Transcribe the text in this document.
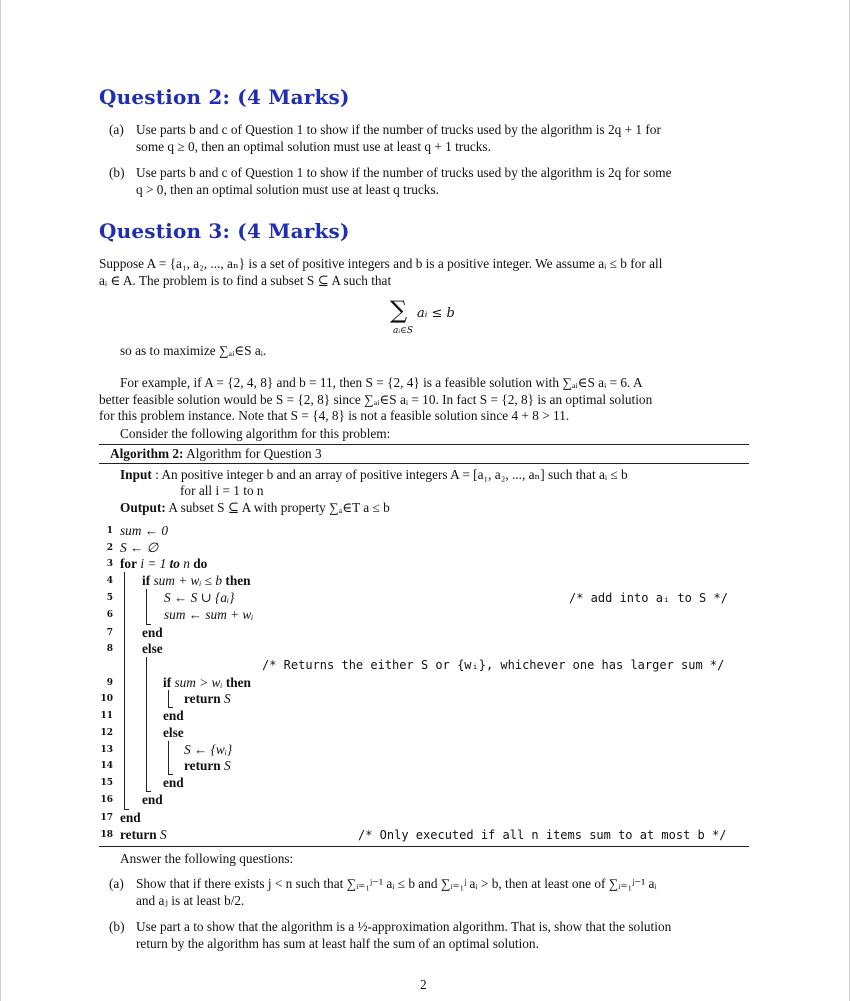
Question 2: (4 Marks)
(a) Use parts b and c of Question 1 to show if the number of trucks used by the algorithm is 2q + 1 for
some q ≥ 0, then an optimal solution must use at least q + 1 trucks.
(b) Use parts b and c of Question 1 to show if the number of trucks used by the algorithm is 2q for some
q > 0, then an optimal solution must use at least q trucks.
Question 3: (4 Marks)
Suppose A = {a₁, a₂, ..., aₙ} is a set of positive integers and b is a positive integer. We assume aᵢ ≤ b for all
aᵢ ∈ A. The problem is to find a subset S ⊆ A such that
∑ aᵢ ≤ b
aᵢ∈S
so as to maximize ∑ₐᵢ∈S aᵢ.
For example, if A = {2, 4, 8} and b = 11, then S = {2, 4} is a feasible solution with ∑ₐᵢ∈S aᵢ = 6. A
better feasible solution would be S = {2, 8} since ∑ₐᵢ∈S aᵢ = 10. In fact S = {2, 8} is an optimal solution
for this problem instance. Note that S = {4, 8} is not a feasible solution since 4 + 8 > 11.
Consider the following algorithm for this problem:
Algorithm 2: Algorithm for Question 3
Input : An positive integer b and an array of positive integers A = [a₁, a₂, ..., aₙ] such that aᵢ ≤ b
for all i = 1 to n
Output: A subset S ⊆ A with property ∑ₐ∈T a ≤ b
1
2
3
4
5
6
7
8
9
10
11
12
13
14
15
16
17
18
sum ← 0
S ← ∅
for i = 1 to n do
if sum + wᵢ ≤ b then
S ← S ∪ {aᵢ}
sum ← sum + wᵢ
end
else
if sum > wᵢ then
return S
end
else
S ← {wᵢ}
return S
end
end
end
return S
/* add into aᵢ to S */
/* Returns the either S or {wᵢ}, whichever one has larger sum */
/* Only executed if all n items sum to at most b */
Answer the following questions:
(a) Show that if there exists j < n such that ∑ᵢ₌₁ʲ⁻¹ aᵢ ≤ b and ∑ᵢ₌₁ʲ aᵢ > b, then at least one of ∑ᵢ₌₁ʲ⁻¹ aᵢ
and aⱼ is at least b/2.
(b) Use part a to show that the algorithm is a ½-approximation algorithm. That is, show that the solution
return by the algorithm has sum at least half the sum of an optimal solution.
2
